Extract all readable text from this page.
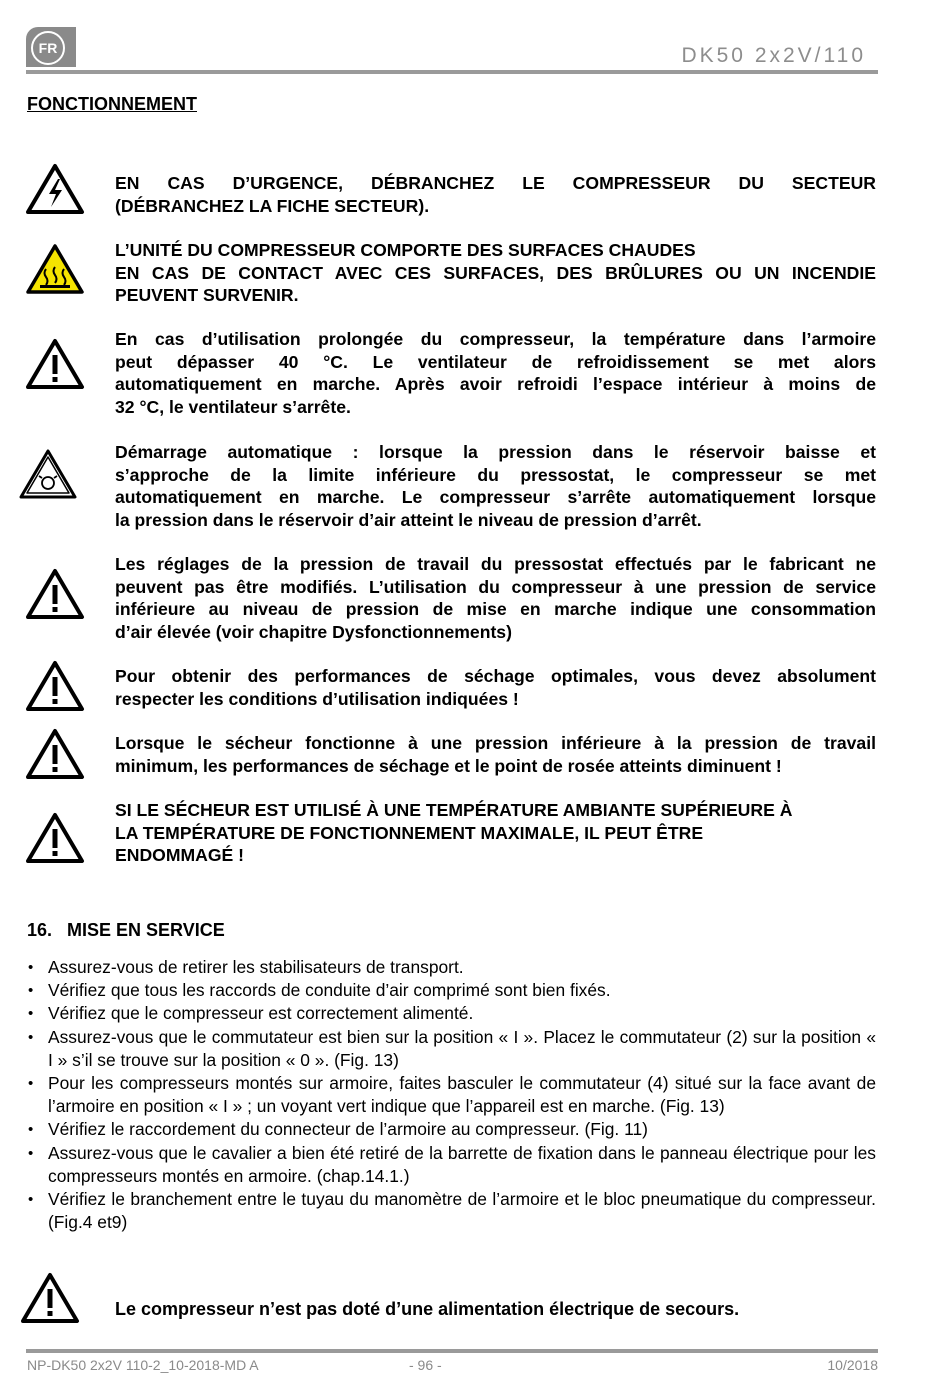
FR	DK50 2x2V/110
FONCTIONNEMENT
EN CAS D’URGENCE, DÉBRANCHEZ LE COMPRESSEUR DU SECTEUR
(DÉBRANCHEZ LA FICHE SECTEUR).
L’UNITÉ DU COMPRESSEUR COMPORTE DES SURFACES CHAUDES
EN CAS DE CONTACT AVEC CES SURFACES, DES BRÛLURES OU UN INCENDIE
PEUVENT SURVENIR.
En cas d’utilisation prolongée du compresseur, la température dans l’armoire
peut dépasser 40 °C. Le ventilateur de refroidissement se met alors
automatiquement en marche. Après avoir refroidi l’espace intérieur à moins de
32 °C, le ventilateur s’arrête.
Démarrage automatique : lorsque la pression dans le réservoir baisse et
s’approche de la limite inférieure du pressostat, le compresseur se met
automatiquement en marche. Le compresseur s’arrête automatiquement lorsque
la pression dans le réservoir d’air atteint le niveau de pression d’arrêt.
Les réglages de la pression de travail du pressostat effectués par le fabricant ne
peuvent pas être modifiés. L’utilisation du compresseur à une pression de service
inférieure au niveau de pression de mise en marche indique une consommation
d’air élevée (voir chapitre Dysfonctionnements)
Pour obtenir des performances de séchage optimales, vous devez absolument
respecter les conditions d’utilisation indiquées !
Lorsque le sécheur fonctionne à une pression inférieure à la pression de travail
minimum, les performances de séchage et le point de rosée atteints diminuent !
SI LE SÉCHEUR EST UTILISÉ À UNE TEMPÉRATURE AMBIANTE SUPÉRIEURE À
LA TEMPÉRATURE DE FONCTIONNEMENT MAXIMALE, IL PEUT ÊTRE
ENDOMMAGÉ !
16. MISE EN SERVICE
• Assurez-vous de retirer les stabilisateurs de transport.
• Vérifiez que tous les raccords de conduite d’air comprimé sont bien fixés.
• Vérifiez que le compresseur est correctement alimenté.
• Assurez-vous que le commutateur est bien sur la position « I ». Placez le commutateur (2) sur la position « I » s’il se trouve sur la position « 0 ». (Fig. 13)
• Pour les compresseurs montés sur armoire, faites basculer le commutateur (4) situé sur la face avant de l’armoire en position « I » ; un voyant vert indique que l’appareil est en marche. (Fig. 13)
• Vérifiez le raccordement du connecteur de l’armoire au compresseur. (Fig. 11)
• Assurez-vous que le cavalier a bien été retiré de la barrette de fixation dans le panneau électrique pour les compresseurs montés en armoire. (chap.14.1.)
• Vérifiez le branchement entre le tuyau du manomètre de l’armoire et le bloc pneumatique du compresseur. (Fig.4 et9)
Le compresseur n’est pas doté d’une alimentation électrique de secours.
NP-DK50 2x2V 110-2_10-2018-MD A	- 96 -	10/2018
